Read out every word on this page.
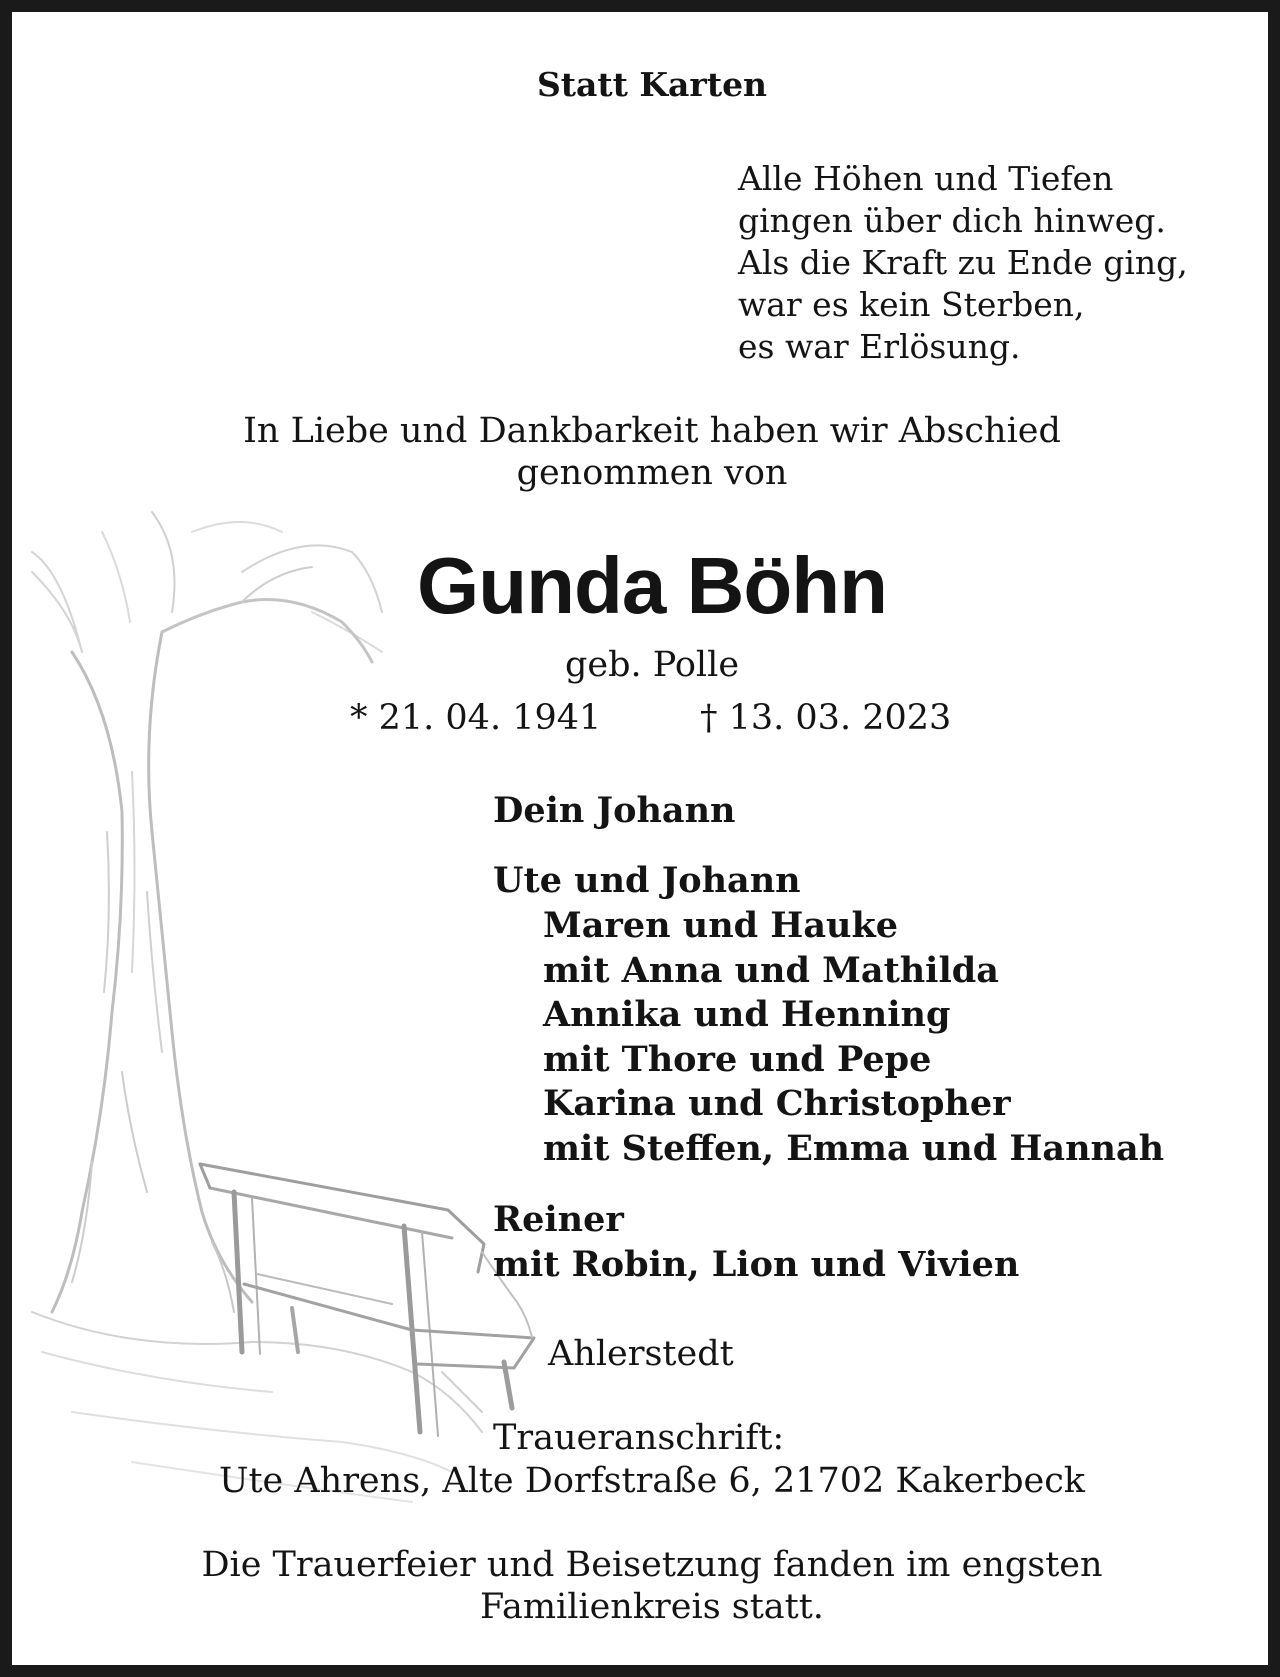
Statt Karten

Alle Höhen und Tiefen

gingen über dich hinweg.

Als die Kraft zu Ende ging,

war es kein Sterben,

es war Erlösung.

In Liebe und Dankbarkeit haben wir Abschied

genommen von

Gunda Böhn

geb. Polle

* 21. 04. 1941	† 13. 03. 2023

Dein Johann

Ute und Johann

Maren und Hauke

mit Anna und Mathilda

Annika und Henning

mit Thore und Pepe

Karina und Christopher

mit Steffen, Emma und Hannah

Reiner

mit Robin, Lion und Vivien

Ahlerstedt

Traueranschrift:

Ute Ahrens, Alte Dorfstraße 6, 21702 Kakerbeck

Die Trauerfeier und Beisetzung fanden im engsten

Familienkreis statt.
